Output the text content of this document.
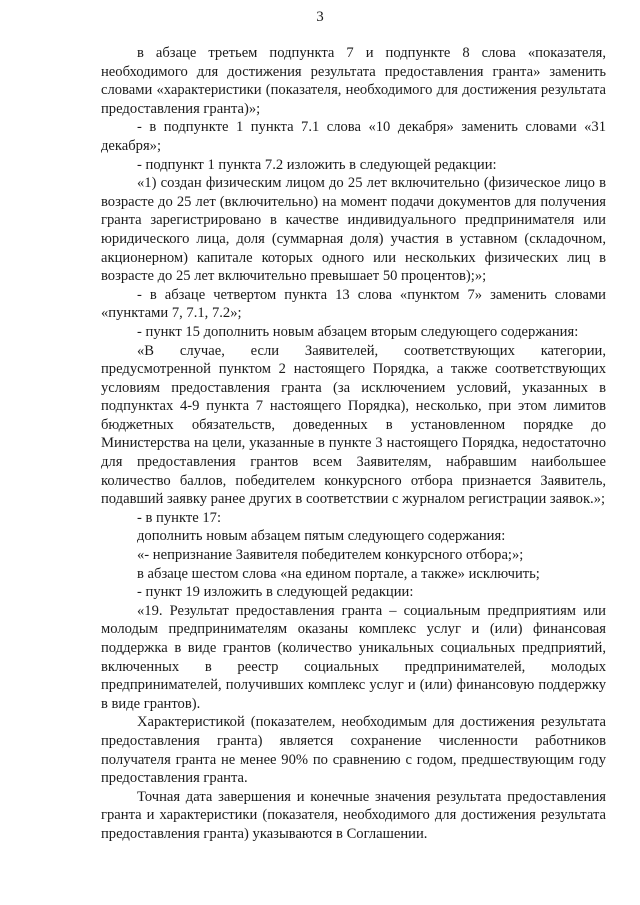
3

в абзаце третьем подпункта 7 и подпункте 8 слова «показателя, необходимого для достижения результата предоставления гранта» заменить словами «характеристики (показателя, необходимого для достижения результата предоставления гранта)»;

- в подпункте 1 пункта 7.1 слова «10 декабря» заменить словами «31 декабря»;

- подпункт 1 пункта 7.2 изложить в следующей редакции:

«1) создан физическим лицом до 25 лет включительно (физическое лицо в возрасте до 25 лет (включительно) на момент подачи документов для получения гранта зарегистрировано в качестве индивидуального предпринимателя или юридического лица, доля (суммарная доля) участия в уставном (складочном, акционерном) капитале которых одного или нескольких физических лиц в возрасте до 25 лет включительно превышает 50 процентов);»;

- в абзаце четвертом пункта 13 слова «пунктом 7» заменить словами «пунктами 7, 7.1, 7.2»;

- пункт 15 дополнить новым абзацем вторым следующего содержания:

«В случае, если Заявителей, соответствующих категории, предусмотренной пунктом 2 настоящего Порядка, а также соответствующих условиям предоставления гранта (за исключением условий, указанных в подпунктах 4-9 пункта 7 настоящего Порядка), несколько, при этом лимитов бюджетных обязательств, доведенных в установленном порядке до Министерства на цели, указанные в пункте 3 настоящего Порядка, недостаточно для предоставления грантов всем Заявителям, набравшим наибольшее количество баллов, победителем конкурсного отбора признается Заявитель, подавший заявку ранее других в соответствии с журналом регистрации заявок.»;

- в пункте 17:

дополнить новым абзацем пятым следующего содержания:

«- непризнание Заявителя победителем конкурсного отбора;»;

в абзаце шестом слова «на едином портале, а также» исключить;

- пункт 19 изложить в следующей редакции:

«19. Результат предоставления гранта – социальным предприятиям или молодым предпринимателям оказаны комплекс услуг и (или) финансовая поддержка в виде грантов (количество уникальных социальных предприятий, включенных в реестр социальных предпринимателей, молодых предпринимателей, получивших комплекс услуг и (или) финансовую поддержку в виде грантов).

Характеристикой (показателем, необходимым для достижения результата предоставления гранта) является сохранение численности работников получателя гранта не менее 90% по сравнению с годом, предшествующим году предоставления гранта.

Точная дата завершения и конечные значения результата предоставления гранта и характеристики (показателя, необходимого для достижения результата предоставления гранта) указываются в Соглашении.
